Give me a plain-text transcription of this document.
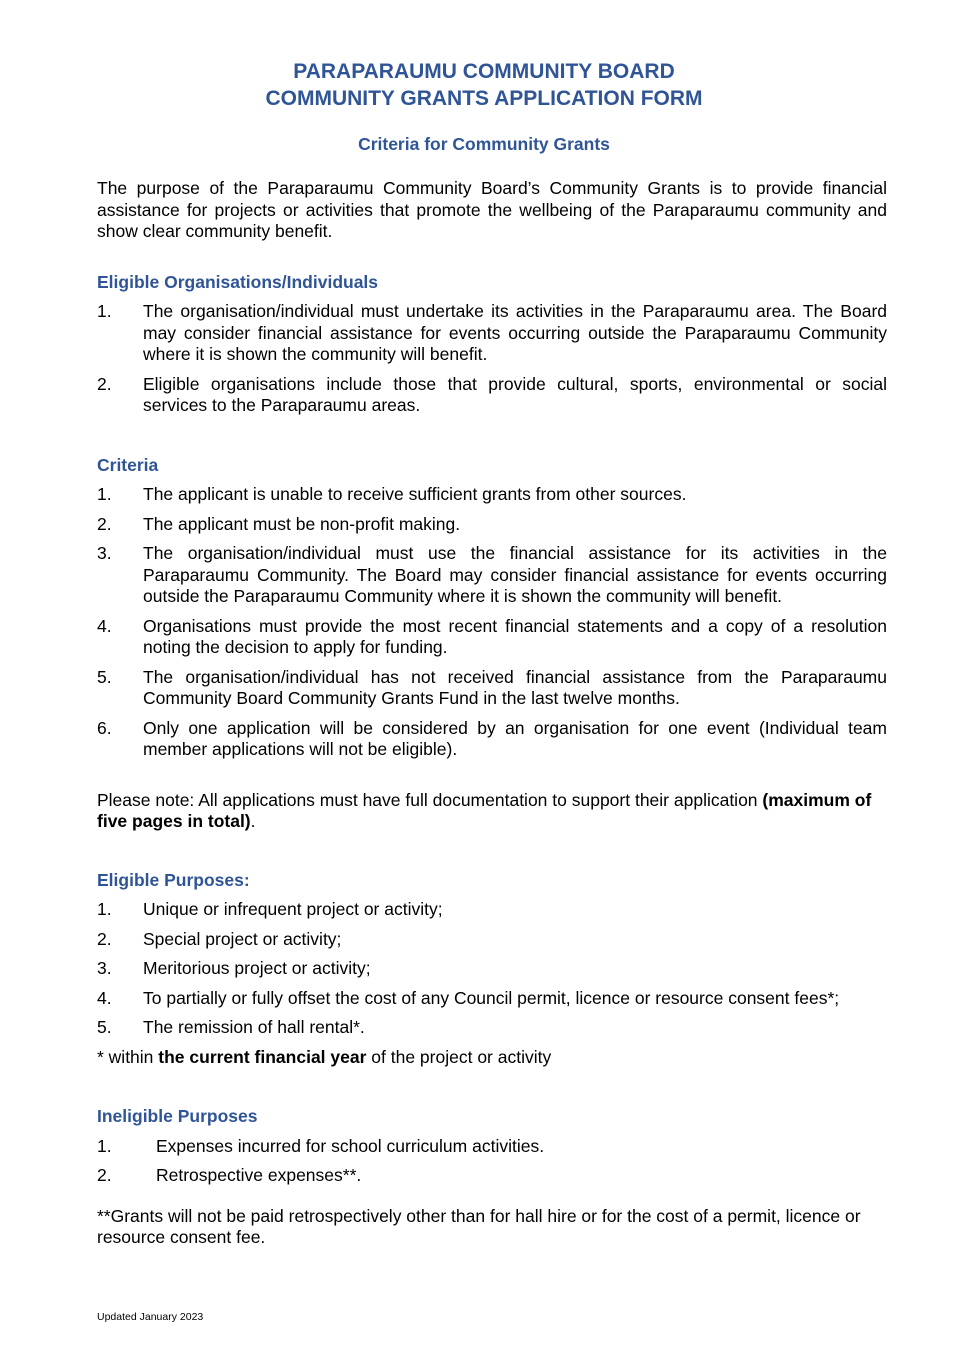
PARAPARAUMU COMMUNITY BOARD
COMMUNITY GRANTS APPLICATION FORM
Criteria for Community Grants

The purpose of the Paraparaumu Community Board’s Community Grants is to provide financial assistance for projects or activities that promote the wellbeing of the Paraparaumu community and show clear community benefit.

Eligible Organisations/Individuals
1. The organisation/individual must undertake its activities in the Paraparaumu area. The Board may consider financial assistance for events occurring outside the Paraparaumu Community where it is shown the community will benefit.
2. Eligible organisations include those that provide cultural, sports, environmental or social services to the Paraparaumu areas.
Criteria
1. The applicant is unable to receive sufficient grants from other sources.
2. The applicant must be non-profit making.
3. The organisation/individual must use the financial assistance for its activities in the Paraparaumu Community. The Board may consider financial assistance for events occurring outside the Paraparaumu Community where it is shown the community will benefit.
4. Organisations must provide the most recent financial statements and a copy of a resolution noting the decision to apply for funding.
5. The organisation/individual has not received financial assistance from the Paraparaumu Community Board Community Grants Fund in the last twelve months.
6. Only one application will be considered by an organisation for one event (Individual team member applications will not be eligible).

Please note: All applications must have full documentation to support their application (maximum of five pages in total).

Eligible Purposes:
1. Unique or infrequent project or activity;
2. Special project or activity;
3. Meritorious project or activity;
4. To partially or fully offset the cost of any Council permit, licence or resource consent fees*;
5. The remission of hall rental*.

* within the current financial year of the project or activity

Ineligible Purposes
1.	Expenses incurred for school curriculum activities.
2.	Retrospective expenses**.

**Grants will not be paid retrospectively other than for hall hire or for the cost of a permit, licence or resource consent fee.

Updated January 2023
